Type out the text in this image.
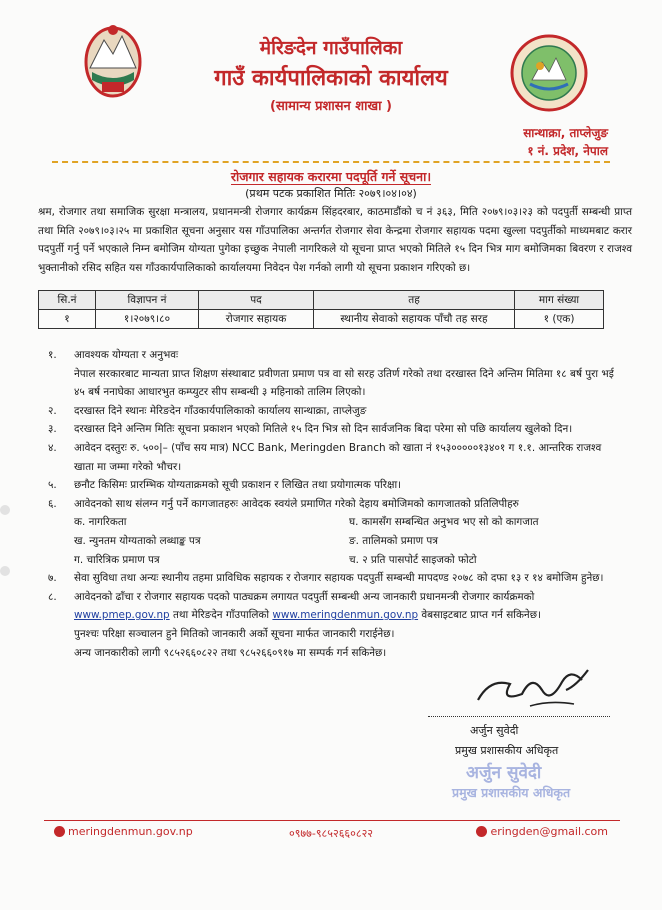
मेरिङदेन गाउँपालिका
गाउँ कार्यपालिकाको कार्यालय
(सामान्य प्रशासन शाखा )
सान्थाक्रा, ताप्लेजुङ
१ नं. प्रदेश, नेपाल
रोजगार सहायक करारमा पदपूर्ति गर्ने सूचना।
(प्रथम पटक प्रकाशित मितिः २०७९।०४।०४)
श्रम, रोजगार तथा समाजिक सुरक्षा मन्त्रालय, प्रधानमन्त्री रोजगार कार्यक्रम सिंहदरबार, काठमाडौंको च नं ३६३, मिति २०७९।०३।२३ को पदपुर्ती सम्बन्धी प्राप्त तथा मिति २०७९।०३।२५ मा प्रकाशित सूचना अनुसार यस गाँउपालिका अन्तर्गत रोजगार सेवा केन्द्रमा रोजगार सहायक पदमा खुल्ला पदपुर्तीको माध्यमबाट करार पदपुर्ती गर्नु पर्ने भएकाले निम्न बमोजिम योग्यता पुगेका इच्छुक नेपाली नागरिकले यो सूचना प्राप्त भएको मितिले १५ दिन भित्र माग बमोजिमका बिवरण र राजश्व भुक्तानीको रसिद सहित यस गाँउकार्यपालिकाको कार्यालयमा निवेदन पेश गर्नको लागी यो सूचना प्रकाशन गरिएको छ।
सि.नं	विज्ञापन नं	पद	तह	माग संख्या
१	१।२०७९।८०	रोजगार सहायक	स्थानीय सेवाको सहायक पाँचौ तह सरह	१ (एक)
१. आवश्यक योग्यता र अनुभवः
नेपाल सरकारबाट मान्यता प्राप्त शिक्षण संस्थाबाट प्रवीणता प्रमाण पत्र वा सो सरह उतिर्ण गरेको तथा दरखास्त दिने अन्तिम मितिमा १८ बर्ष पुरा भई ४५ बर्ष ननाघेका आधारभुत कम्प्युटर सीप सम्बन्धी ३ महिनाको तालिम लिएको।
२. दरखास्त दिने स्थानः मेरिङदेन गाँउकार्यपालिकाको कार्यालय सान्थाक्रा, ताप्लेजुङ
३. दरखास्त दिने अन्तिम मितिः सूचना प्रकाशन भएको मितिले १५ दिन भित्र सो दिन सार्वजनिक बिदा परेमा सो पछि कार्यालय खुलेको दिन।
४. आवेदन दस्तुरः रु. ५००|– (पाँच सय मात्र) NCC Bank, Meringden Branch को खाता नं १५३०००००१३४०१ ग १.१. आन्तरिक राजश्व खाता मा जम्मा गरेको भौचर।
५. छनौट किसिमः प्रारम्भिक योग्यताक्रमको सूची प्रकाशन र लिखित तथा प्रयोगात्मक परिक्षा।
६. आवेदनको साथ संलग्न गर्नु पर्ने कागजातहरुः आवेदक स्वयंले प्रमाणित गरेको देहाय बमोजिमको कागजातको प्रतिलिपीहरु
क. नागरिकता	घ. कामसँग सम्बन्धित अनुभव भए सो को कागजात
ख. न्युनतम योग्यताको लब्धाङ्क पत्र	ङ. तालिमको प्रमाण पत्र
ग. चारित्रिक प्रमाण पत्र	च. २ प्रति पासपोर्ट साइजको फोटो
७. सेवा सुविधा तथा अन्यः स्थानीय तहमा प्राविधिक सहायक र रोजगार सहायक पदपुर्ती सम्बन्धी मापदण्ड २०७८ को दफा १३ र १४ बमोजिम हुनेछ।
८. आवेदनको ढाँचा र रोजगार सहायक पदको पाठ्यक्रम लगायत पदपुर्ती सम्बन्धी अन्य जानकारी प्रधानमन्त्री रोजगार कार्यक्रमको
www.pmep.gov.np तथा मेरिङदेन गाँउपालिको www.meringdenmun.gov.np वेबसाइटबाट प्राप्त गर्न सकिनेछ।
पुनश्चः परिक्षा सञ्चालन हुने मितिको जानकारी अर्को सूचना मार्फत जानकारी गराईनेछ।
अन्य जानकारीको लागी ९८५२६६०८२२ तथा ९८५२६६०९१७ मा सम्पर्क गर्न सकिनेछ।
अर्जुन सुवेदी
प्रमुख प्रशासकीय अधिकृत
अर्जुन सुवेदी
प्रमुख प्रशासकीय अधिकृत
meringdenmun.gov.np	०९७७-९८५२६६०८२२	eringden@gmail.com
